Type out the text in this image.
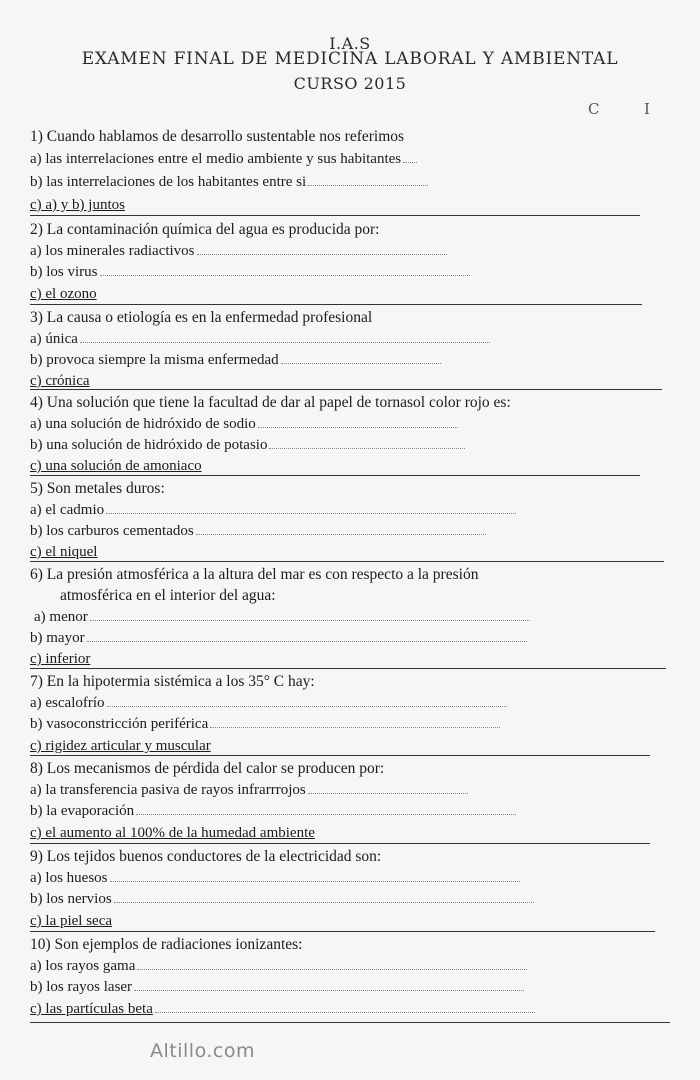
I.A.S
EXAMEN FINAL DE MEDICINA LABORAL Y AMBIENTAL
CURSO 2015
C	I
1) Cuando hablamos de desarrollo sustentable nos referimos
a) las interrelaciones entre el medio ambiente y sus habitantes
b) las interrelaciones de los habitantes entre si
c) a) y b) juntos
2) La contaminación química del agua es producida por:
a) los minerales radiactivos
b) los virus
c) el ozono
3) La causa o etiología es en la enfermedad profesional
a) única
b) provoca siempre la misma enfermedad
c) crónica
4) Una solución que tiene la facultad de dar al papel de tornasol color rojo es:
a) una solución de hidróxido de sodio
b) una solución de hidróxido de potasio
c) una solución de amoniaco
5) Son metales duros:
a) el cadmio
b) los carburos cementados
c) el niquel
6) La presión atmosférica a la altura del mar es con respecto a la presión
atmosférica en el interior del agua:
a) menor
b) mayor
c) inferior
7) En la hipotermia sistémica a los 35° C hay:
a) escalofrío
b) vasoconstricción periférica
c) rigidez articular y muscular
8) Los mecanismos de pérdida del calor se producen por:
a) la transferencia pasiva de rayos infrarrrojos
b) la evaporación
c) el aumento al 100% de la humedad ambiente
9) Los tejidos buenos conductores de la electricidad son:
a) los huesos
b) los nervios
c) la piel seca
10) Son ejemplos de radiaciones ionizantes:
a) los rayos gama
b) los rayos laser
c) las partículas beta
Altillo.com
